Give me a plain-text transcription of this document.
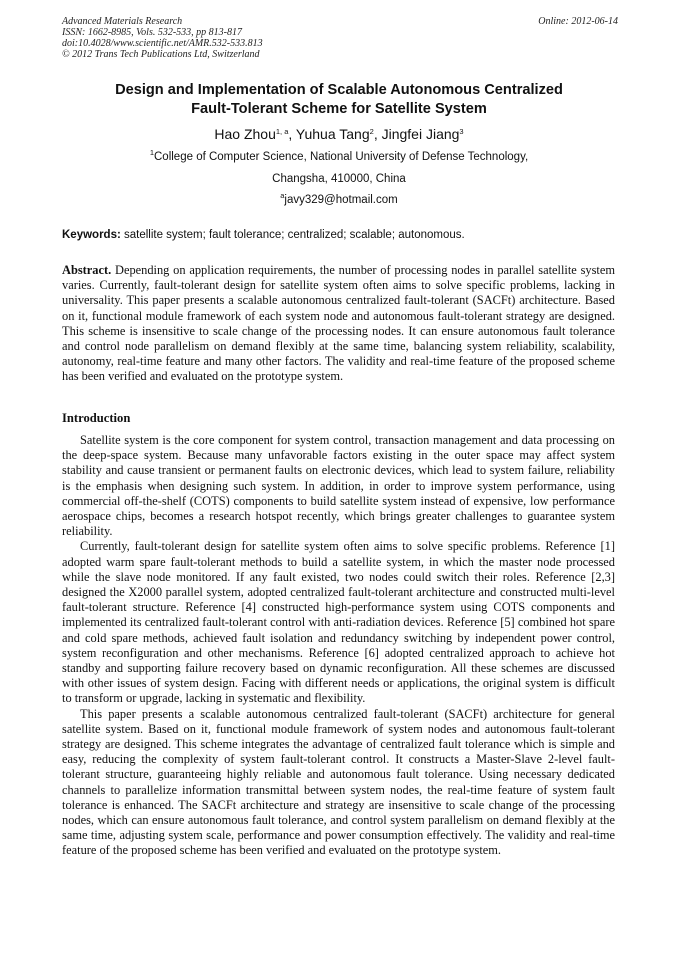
Advanced Materials Research
ISSN: 1662-8985, Vols. 532-533, pp 813-817
doi:10.4028/www.scientific.net/AMR.532-533.813
© 2012 Trans Tech Publications Ltd, Switzerland
Online: 2012-06-14
Design and Implementation of Scalable Autonomous Centralized
Fault-Tolerant Scheme for Satellite System
Hao Zhou$^{1, a}$, Yuhua Tang$^2$, Jingfei Jiang$^3$
$^1$College of Computer Science, National University of Defense Technology,
Changsha, 410000, China
$^a$javy329@hotmail.com
Keywords: satellite system; fault tolerance; centralized; scalable; autonomous.

Abstract. Depending on application requirements, the number of processing nodes in parallel satellite system varies. Currently, fault-tolerant design for satellite system often aims to solve specific problems, lacking in universality. This paper presents a scalable autonomous centralized fault-tolerant (SACFt) architecture. Based on it, functional module framework of each system node and autonomous fault-tolerant strategy are designed. This scheme is insensitive to scale change of the processing nodes. It can ensure autonomous fault tolerance and control node parallelism on demand flexibly at the same time, balancing system reliability, scalability, autonomy, real-time feature and many other factors. The validity and real-time feature of the proposed scheme has been verified and evaluated on the prototype system.

Introduction

Satellite system is the core component for system control, transaction management and data processing on the deep-space system. Because many unfavorable factors existing in the outer space may affect system stability and cause transient or permanent faults on electronic devices, which lead to system failure, reliability is the emphasis when designing such system. In addition, in order to improve system performance, using commercial off-the-shelf (COTS) components to build satellite system instead of expensive, low performance aerospace chips, becomes a research hotspot recently, which brings greater challenges to guarantee system reliability.

Currently, fault-tolerant design for satellite system often aims to solve specific problems. Reference [1] adopted warm spare fault-tolerant methods to build a satellite system, in which the master node processed while the slave node monitored. If any fault existed, two nodes could switch their roles. Reference [2,3] designed the X2000 parallel system, adopted centralized fault-tolerant architecture and constructed multi-level fault-tolerant structure. Reference [4] constructed high-performance system using COTS components and implemented its centralized fault-tolerant control with anti-radiation devices. Reference [5] combined hot spare and cold spare methods, achieved fault isolation and redundancy switching by independent power control, system reconfiguration and other mechanisms. Reference [6] adopted centralized approach to achieve hot standby and supporting failure recovery based on dynamic reconfiguration. All these schemes are discussed with other issues of system design. Facing with different needs or applications, the original system is difficult to transform or upgrade, lacking in systematic and flexibility.

This paper presents a scalable autonomous centralized fault-tolerant (SACFt) architecture for general satellite system. Based on it, functional module framework of system nodes and autonomous fault-tolerant strategy are designed. This scheme integrates the advantage of centralized fault tolerance which is simple and easy, reducing the complexity of system fault-tolerant control. It constructs a Master-Slave 2-level fault-tolerant structure, guaranteeing highly reliable and autonomous fault tolerance. Using necessary dedicated channels to parallelize information transmittal between system nodes, the real-time feature of system fault tolerance is enhanced. The SACFt architecture and strategy are insensitive to scale change of the processing nodes, which can ensure autonomous fault tolerance, and control system parallelism on demand flexibly at the same time, adjusting system scale, performance and power consumption effectively. The validity and real-time feature of the proposed scheme has been verified and evaluated on the prototype system.
